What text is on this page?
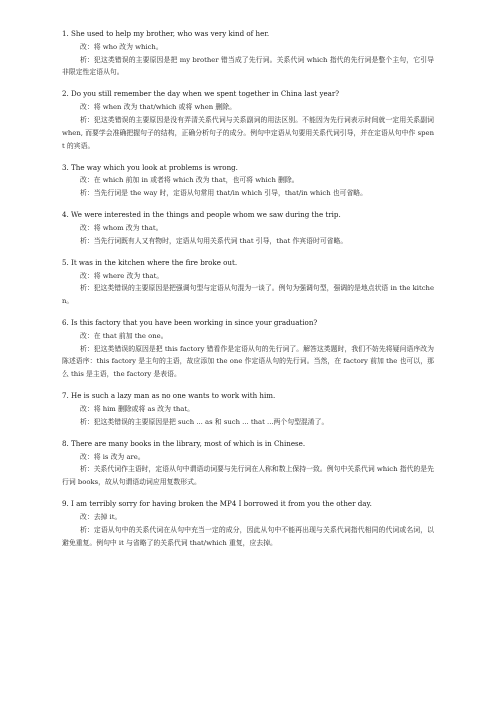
1. She used to help my brother, who was very kind of her.

改：将 who 改为 which。

析：犯这类错误的主要原因是把 my brother 错当成了先行词。关系代词 which 指代的先行词是整个主句，它引导非限定性定语从句。

2. Do you still remember the day when we spent together in China last year?

改：将 when 改为 that/which 或将 when 删除。

析：犯这类错误的主要原因是没有弄清关系代词与关系副词的用法区别。不能因为先行词表示时间就一定用关系副词 when, 而要学会准确把握句子的结构，正确分析句子的成分。例句中定语从句要用关系代词引导，并在定语从句中作 spent 的宾语。

3. The way which you look at problems is wrong.

改：在 which 前加 in 或者将 which 改为 that，也可将 which 删除。

析：当先行词是 the way 时，定语从句常用 that/in which 引导，that/in which 也可省略。

4. We were interested in the things and people whom we saw during the trip.

改：将 whom 改为 that。

析：当先行词既有人又有物时，定语从句用关系代词 that 引导，that 作宾语时可省略。

5. It was in the kitchen where the fire broke out.

改：将 where 改为 that。

析：犯这类错误的主要原因是把强调句型与定语从句混为一谈了。例句为强调句型，强调的是地点状语 in the kitchen。

6. Is this factory that you have been working in since your graduation?

改：在 that 前加 the one。

析：犯这类错误的原因是把 this factory 错看作是定语从句的先行词了。解答这类题时，我们不妨先将疑问语序改为陈述语序：this factory 是主句的主语，故应添加 the one 作定语从句的先行词。当然，在 factory 前加 the 也可以，那么 this 是主语，the factory 是表语。

7. He is such a lazy man as no one wants to work with him.

改：将 him 删除或将 as 改为 that。

析：犯这类错误的主要原因是把 such ... as 和 such ... that ...两个句型混淆了。

8. There are many books in the library, most of which is in Chinese.

改：将 is 改为 are。

析：关系代词作主语时，定语从句中谓语动词要与先行词在人称和数上保持一致。例句中关系代词 which 指代的是先行词 books，故从句谓语动词应用复数形式。

9. I am terribly sorry for having broken the MP4 I borrowed it from you the other day.

改：去掉 it。

析：定语从句中的关系代词在从句中充当一定的成分，因此从句中不能再出现与关系代词指代相同的代词或名词，以避免重复。例句中 it 与省略了的关系代词 that/which 重复，应去掉。
